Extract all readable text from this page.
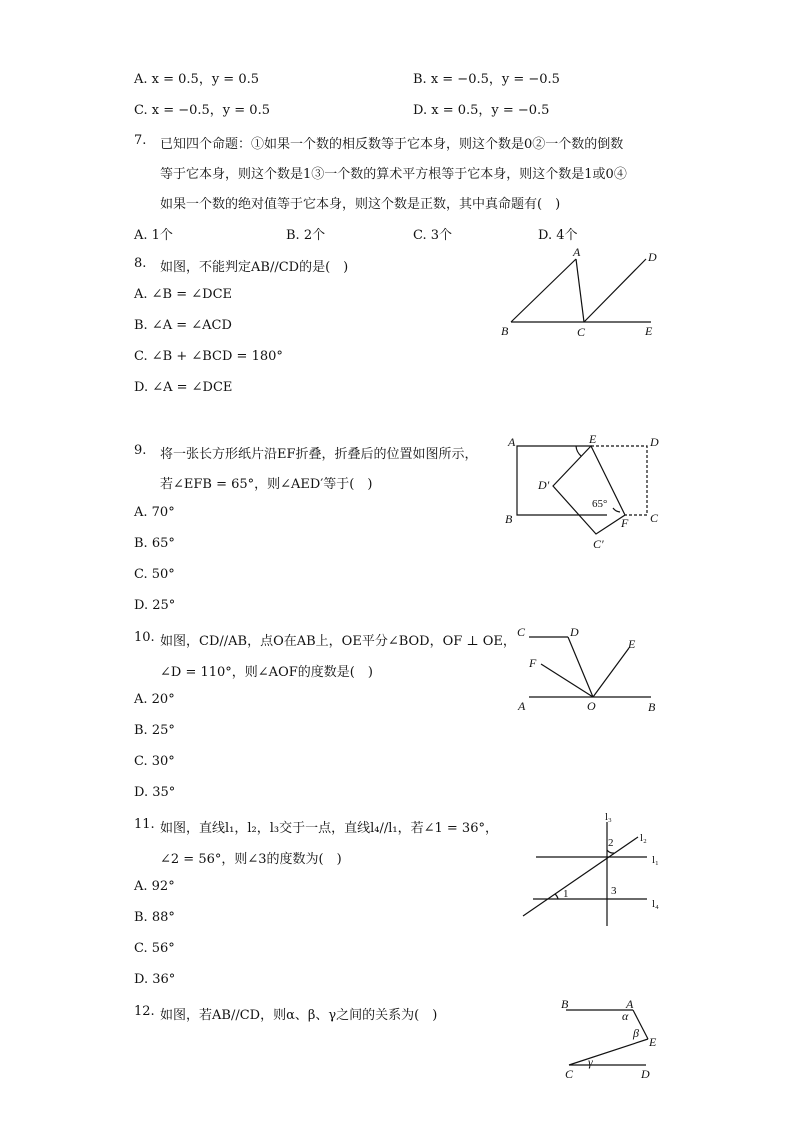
A. x = 0.5，y = 0.5	B. x = −0.5，y = −0.5
C. x = −0.5，y = 0.5	D. x = 0.5，y = −0.5
7. 已知四个命题：①如果一个数的相反数等于它本身，则这个数是0②一个数的倒数
等于它本身，则这个数是1③一个数的算术平方根等于它本身，则这个数是1或0④
如果一个数的绝对值等于它本身，则这个数是正数，其中真命题有(　)
A. 1个	B. 2个	C. 3个	D. 4个
8. 如图，不能判定AB//CD的是(　)
A. ∠B = ∠DCE
B. ∠A = ∠ACD
C. ∠B + ∠BCD = 180°
D. ∠A = ∠DCE
A
B	C
D
E
9. 将一张长方形纸片沿EF折叠，折叠后的位置如图所示，
若∠EFB = 65°，则∠AED′等于(　)
A. 70°
B. 65°
C. 50°
D. 25°
A	E	D
D′
65°
B	F C
C′
10. 如图，CD//AB，点O在AB上，OE平分∠BOD，OF ⊥ OE，
∠D = 110°，则∠AOF的度数是(　)
A. 20°
B. 25°
C. 30°
D. 35°
C	D
E
F
A	O	B
11. 如图，直线l₁，l₂，l₃交于一点，直线l₄//l₁，若∠1 = 36°，
∠2 = 56°，则∠3的度数为(　)
A. 92°
B. 88°
C. 56°
D. 36°
l₃
l₂
l₁
l₄
2
1	3
12. 如图，若AB//CD，则α、β、γ之间的关系为(　)
B	A
α
β
E
γ
C	D
